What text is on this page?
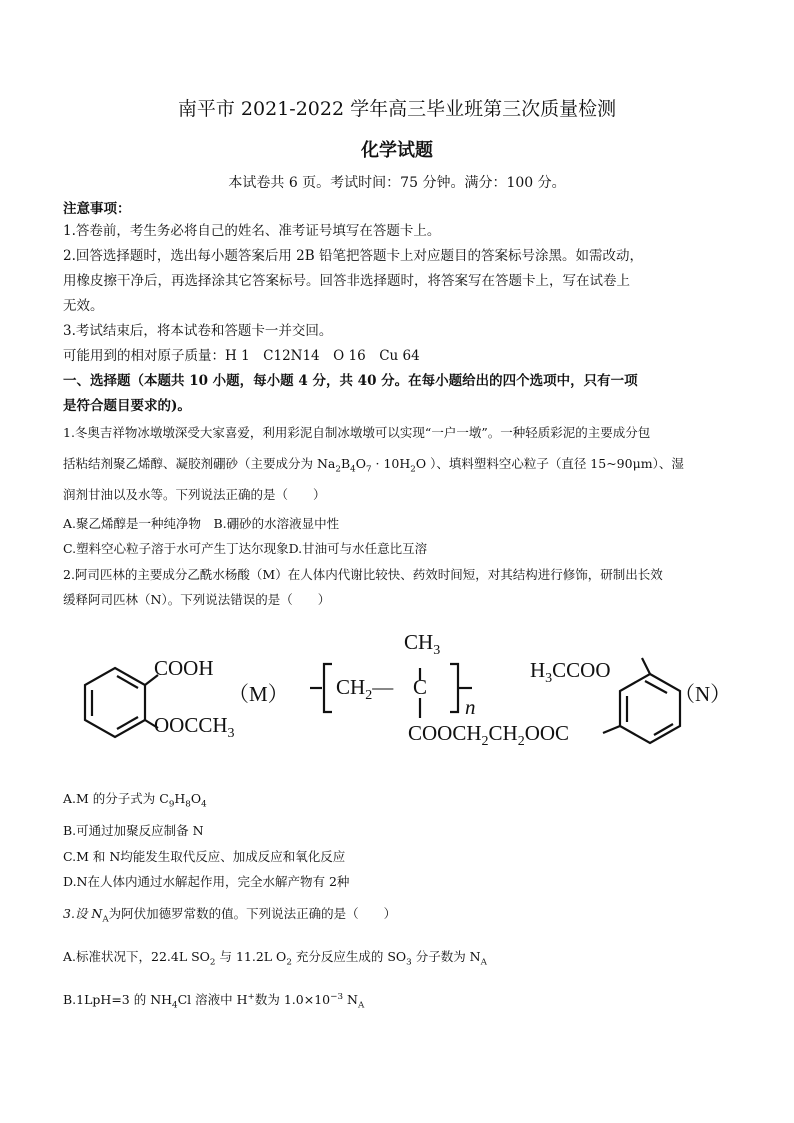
南平市 2021-2022 学年高三毕业班第三次质量检测
化学试题
本试卷共 6 页。考试时间：75 分钟。满分：100 分。
注意事项：
1.答卷前，考生务必将自己的姓名、准考证号填写在答题卡上。
2.回答选择题时，选出每小题答案后用 2B 铅笔把答题卡上对应题目的答案标号涂黑。如需改动，
用橡皮擦干净后，再选择涂其它答案标号。回答非选择题时，将答案写在答题卡上，写在试卷上
无效。
3.考试结束后，将本试卷和答题卡一并交回。
可能用到的相对原子质量：H 1　C12N14　O 16　Cu 64
一、选择题（本题共 10 小题，每小题 4 分，共 40 分。在每小题给出的四个选项中，只有一项
是符合题目要求的)。
1.冬奥吉祥物冰墩墩深受大家喜爱，利用彩泥自制冰墩墩可以实现“一户一墩”。一种轻质彩泥的主要成分包
括粘结剂聚乙烯醇、凝胶剂硼砂（主要成分为 $Na_2B_4O_7 \cdot 10H_2O$ ）、填料塑料空心粒子（直径 15~90μm）、湿
润剂甘油以及水等。下列说法正确的是（　　）
A.聚乙烯醇是一种纯净物　B.硼砂的水溶液显中性
C.塑料空心粒子溶于水可产生丁达尔现象D.甘油可与水任意比互溶
2.阿司匹林的主要成分乙酰水杨酸（M）在人体内代谢比较快、药效时间短，对其结构进行修饰，研制出长效
缓释阿司匹林（N）。下列说法错误的是（　　）
COOH
$OOCCH_3$
（M） $CH_2—$ C
$CH_3$
n
$COOCH_2CH_2OOC$
$H_3CCOO$
（N）
A.M 的分子式为 $C_9H_8O_4$
B.可通过加聚反应制备 N
C.M 和 N均能发生取代反应、加成反应和氧化反应
D.N在人体内通过水解起作用，完全水解产物有 2种
3.设 $N_A$为阿伏加德罗常数的值。下列说法正确的是（　　）
A.标准状况下，22.4L $SO_2$ 与 11.2L $O_2$ 充分反应生成的 $SO_3$ 分子数为 $N_A$
B.1LpH=3 的 $NH_4Cl$ 溶液中 H+数为 $1.0\times 10^{-3}$ $N_A$
